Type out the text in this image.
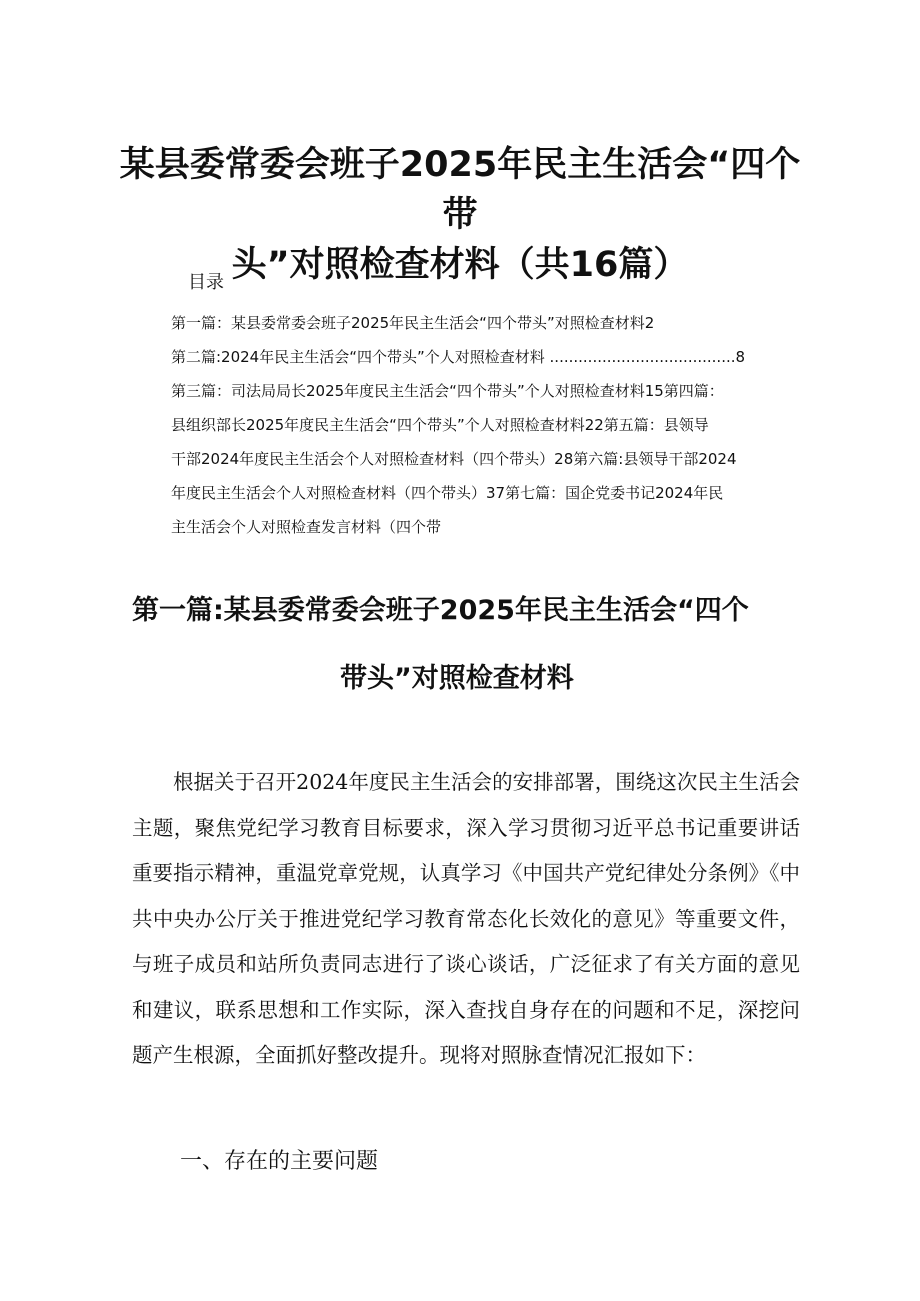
某县委常委会班子2025年民主生活会“四个带
头”对照检查材料（共16篇）
目录
第一篇：某县委常委会班子2025年民主生活会“四个带头”对照检查材料2
第二篇:2024年民主生活会“四个带头”个人对照检查材料 .......................................8
第三篇：司法局局长2025年度民主生活会“四个带头”个人对照检查材料15第四篇：
县组织部长2025年度民主生活会“四个带头”个人对照检查材料22第五篇：县领导
干部2024年度民主生活会个人对照检查材料（四个带头）28第六篇:县领导干部2024
年度民主生活会个人对照检查材料（四个带头）37第七篇：国企党委书记2024年民
主生活会个人对照检查发言材料（四个带
第一篇:某县委常委会班子2025年民主生活会“四个
带头”对照检查材料
根据关于召开2024年度民主生活会的安排部署，围绕这次民主生活会主题，聚焦党纪学习教育目标要求，深入学习贯彻习近平总书记重要讲话重要指示精神，重温党章党规，认真学习《中国共产党纪律处分条例》《中共中央办公厅关于推进党纪学习教育常态化长效化的意见》等重要文件，与班子成员和站所负责同志进行了谈心谈话，广泛征求了有关方面的意见和建议，联系思想和工作实际，深入查找自身存在的问题和不足，深挖问题产生根源，全面抓好整改提升。现将对照脉查情况汇报如下：
一、存在的主要问题
